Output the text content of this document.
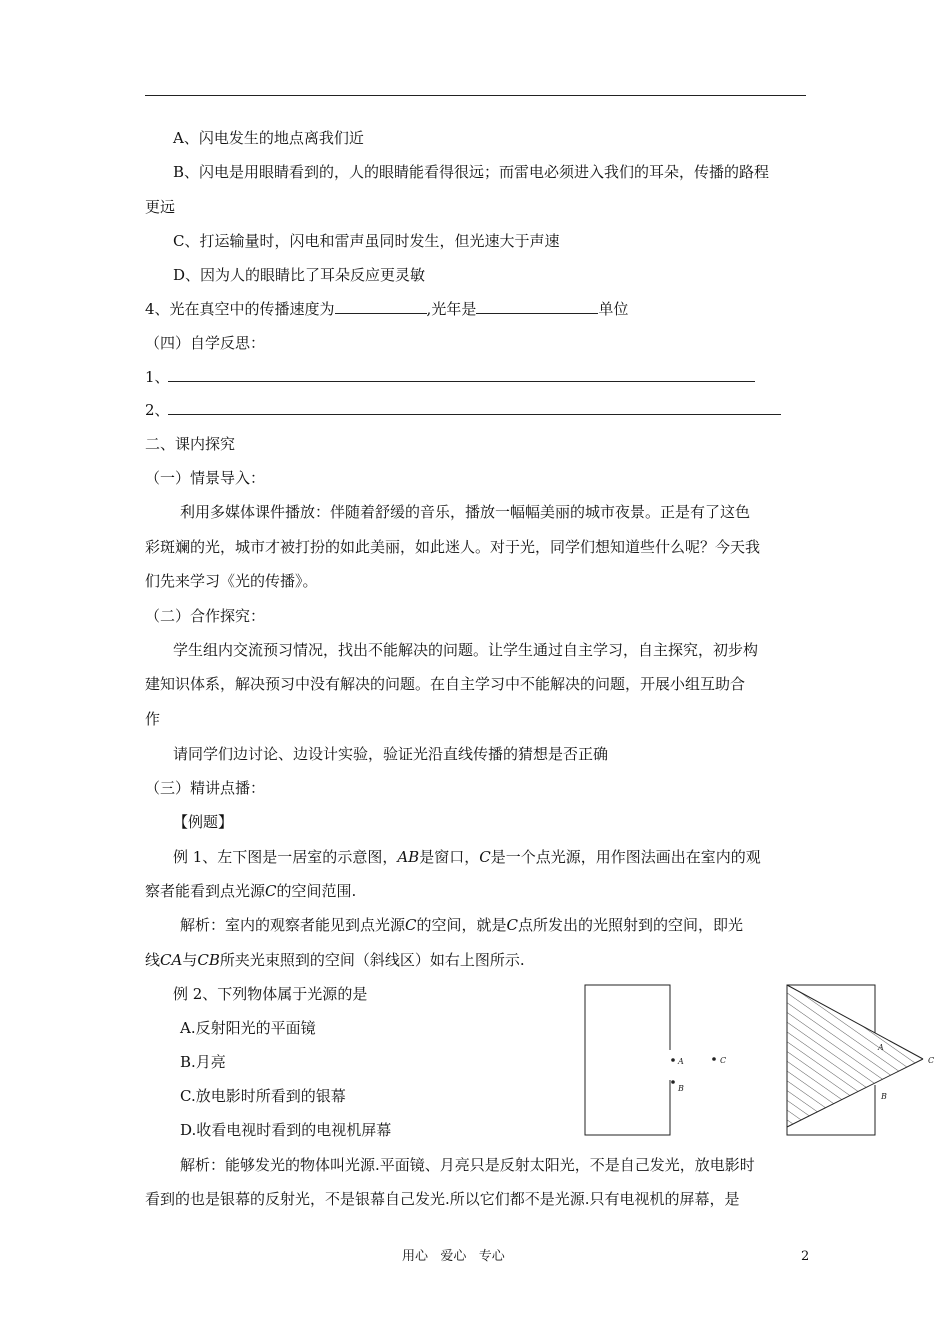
A、闪电发生的地点离我们近
B、闪电是用眼睛看到的，人的眼睛能看得很远；而雷电必须进入我们的耳朵，传播的路程
更远
C、打运输量时，闪电和雷声虽同时发生，但光速大于声速
D、因为人的眼睛比了耳朵反应更灵敏
4、光在真空中的传播速度为	,光年是	单位
（四）自学反思：
1、
2、
二、课内探究
（一）情景导入：
利用多媒体课件播放：伴随着舒缓的音乐，播放一幅幅美丽的城市夜景。正是有了这色
彩斑斓的光，城市才被打扮的如此美丽，如此迷人。对于光，同学们想知道些什么呢？今天我
们先来学习《光的传播》。
（二）合作探究：
学生组内交流预习情况，找出不能解决的问题。让学生通过自主学习，自主探究，初步构
建知识体系，解决预习中没有解决的问题。在自主学习中不能解决的问题，开展小组互助合
作
请同学们边讨论、边设计实验，验证光沿直线传播的猜想是否正确
（三）精讲点播：
【例题】
例 1、左下图是一居室的示意图，AB是窗口，C是一个点光源，用作图法画出在室内的观
察者能看到点光源C的空间范围.
解析：室内的观察者能见到点光源C的空间，就是C点所发出的光照射到的空间，即光
线CA与CB所夹光束照到的空间（斜线区）如右上图所示.
例 2、下列物体属于光源的是
A.反射阳光的平面镜
B.月亮
C.放电影时所看到的银幕
D.收看电视时看到的电视机屏幕
解析：能够发光的物体叫光源.平面镜、月亮只是反射太阳光，不是自己发光，放电影时
看到的也是银幕的反射光，不是银幕自己发光.所以它们都不是光源.只有电视机的屏幕，是
A
B
C
A
B
C
用心   爱心   专心	2
